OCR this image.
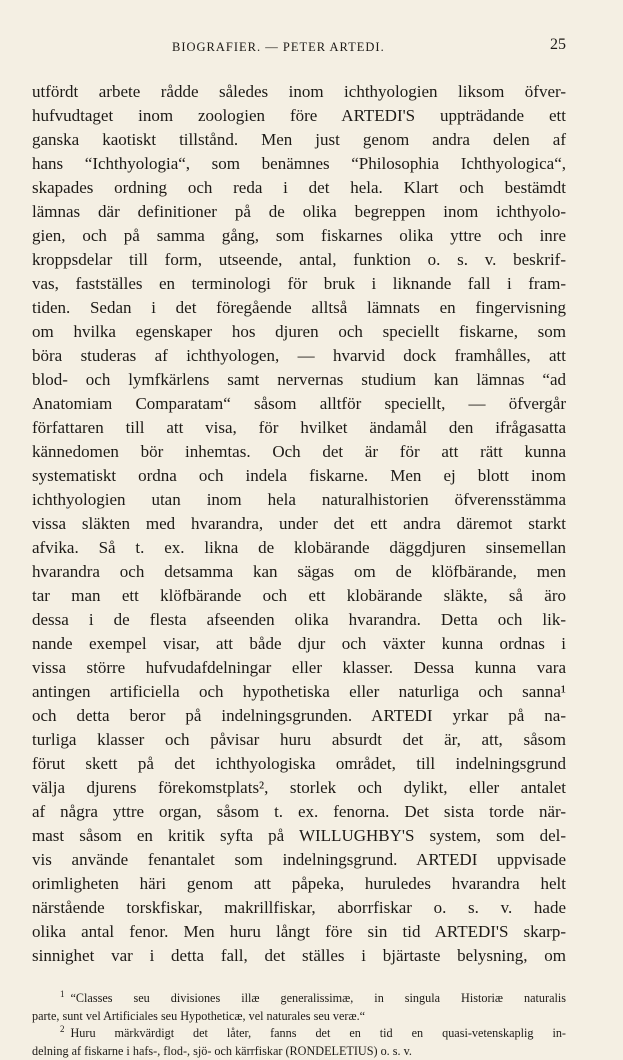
BIOGRAFIER. — PETER ARTEDI.	25
utfördt arbete rådde således inom ichthyologien liksom öfver-
hufvudtaget inom zoologien före ARTEDI'S uppträdande ett
ganska kaotiskt tillstånd. Men just genom andra delen af
hans “Ichthyologia“, som benämnes “Philosophia Ichthyologica“,
skapades ordning och reda i det hela. Klart och bestämdt
lämnas där definitioner på de olika begreppen inom ichthyolo-
gien, och på samma gång, som fiskarnes olika yttre och inre
kroppsdelar till form, utseende, antal, funktion o. s. v. beskrif-
vas, fastställes en terminologi för bruk i liknande fall i fram-
tiden. Sedan i det föregående alltså lämnats en fingervisning
om hvilka egenskaper hos djuren och speciellt fiskarne, som
böra studeras af ichthyologen, — hvarvid dock framhålles, att
blod- och lymfkärlens samt nervernas studium kan lämnas “ad
Anatomiam Comparatam“ såsom alltför speciellt, — öfvergår
författaren till att visa, för hvilket ändamål den ifrågasatta
kännedomen bör inhemtas. Och det är för att rätt kunna
systematiskt ordna och indela fiskarne. Men ej blott inom
ichthyologien utan inom hela naturalhistorien öfverensstämma
vissa släkten med hvarandra, under det ett andra däremot starkt
afvika. Så t. ex. likna de klobärande däggdjuren sinsemellan
hvarandra och detsamma kan sägas om de klöfbärande, men
tar man ett klöfbärande och ett klobärande släkte, så äro
dessa i de flesta afseenden olika hvarandra. Detta och lik-
nande exempel visar, att både djur och växter kunna ordnas i
vissa större hufvudafdelningar eller klasser. Dessa kunna vara
antingen artificiella och hypothetiska eller naturliga och sanna¹
och detta beror på indelningsgrunden. ARTEDI yrkar på na-
turliga klasser och påvisar huru absurdt det är, att, såsom
förut skett på det ichthyologiska området, till indelningsgrund
välja djurens förekomstplats², storlek och dylikt, eller antalet
af några yttre organ, såsom t. ex. fenorna. Det sista torde när-
mast såsom en kritik syfta på WILLUGHBY'S system, som del-
vis använde fenantalet som indelningsgrund. ARTEDI uppvisade
orimligheten häri genom att påpeka, huruledes hvarandra helt
närstående torskfiskar, makrillfiskar, aborrfiskar o. s. v. hade
olika antal fenor. Men huru långt före sin tid ARTEDI'S skarp-
sinnighet var i detta fall, det ställes i bjärtaste belysning, om
$^1$ “Classes seu divisiones illæ generalissimæ, in singula Historiæ naturalis
parte, sunt vel Artificiales seu Hypotheticæ, vel naturales seu veræ.“
$^2$ Huru märkvärdigt det låter, fanns det en tid en quasi-vetenskaplig in-
delning af fiskarne i hafs-, flod-, sjö- och kärrfiskar (RONDELETIUS) o. s. v.
